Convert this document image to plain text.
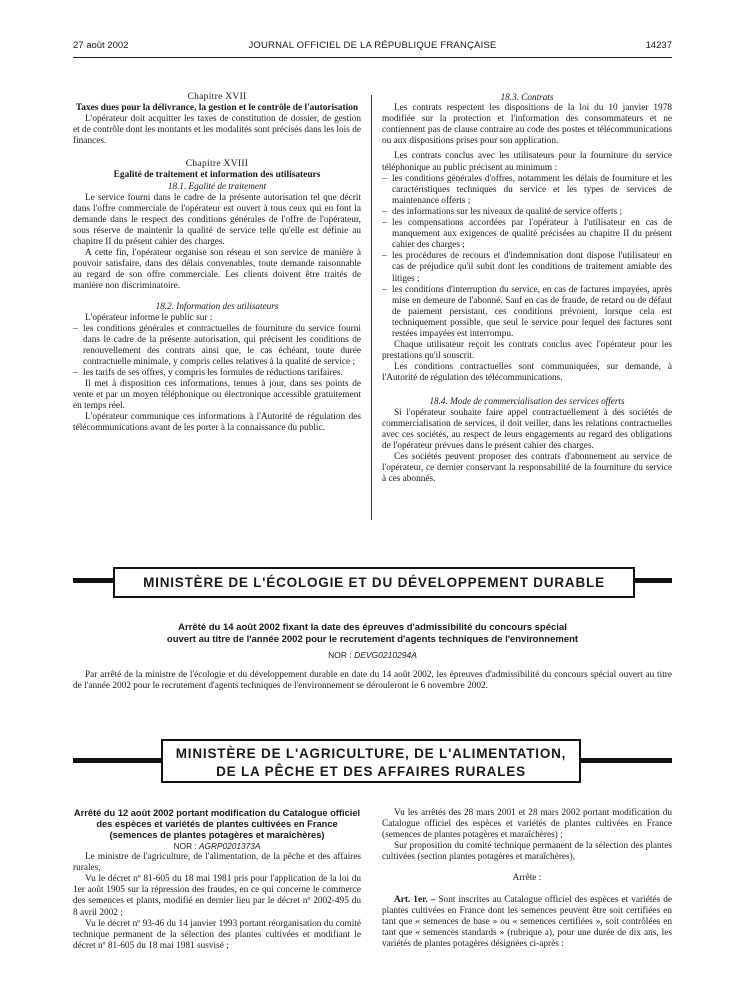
27 août 2002	JOURNAL OFFICIEL DE LA RÉPUBLIQUE FRANÇAISE	14237

Chapitre XVII

Taxes dues pour la délivrance, la gestion et le contrôle de l'autorisation

L'opérateur doit acquitter les taxes de constitution de dossier, de gestion et de contrôle dont les montants et les modalités sont précisés dans les lois de finances.

Chapitre XVIII

Egalité de traitement et information des utilisateurs

18.1. Egalité de traitement

Le service fourni dans le cadre de la présente autorisation tel que décrit dans l'offre commerciale de l'opérateur est ouvert à tous ceux qui en font la demande dans le respect des conditions générales de l'offre de l'opérateur, sous réserve de maintenir la qualité de service telle qu'elle est définie au chapitre II du présent cahier des charges.

A cette fin, l'opérateur organise son réseau et son service de manière à pouvoir satisfaire, dans des délais convenables, toute demande raisonnable au regard de son offre commerciale. Les clients doivent être traités de manière non discriminatoire.

18.2. Information des utilisateurs

L'opérateur informe le public sur :

– les conditions générales et contractuelles de fourniture du service fourni dans le cadre de la présente autorisation, qui précisent les conditions de renouvellement des contrats ainsi que, le cas échéant, toute durée contractuelle minimale, y compris celles relatives à la qualité de service ;
– les tarifs de ses offres, y compris les formules de réductions tarifaires.

Il met à disposition ces informations, tenues à jour, dans ses points de vente et par un moyen téléphonique ou électronique accessible gratuitement en temps réel.

L'opérateur communique ces informations à l'Autorité de régulation des télécommunications avant de les porter à la connaissance du public.

18.3. Contrats

Les contrats respectent les dispositions de la loi du 10 janvier 1978 modifiée sur la protection et l'information des consommateurs et ne contiennent pas de clause contraire au code des postes et télécommunications ou aux dispositions prises pour son application.

Les contrats conclus avec les utilisateurs pour la fourniture du service téléphonique au public précisent au minimum :

– les conditions générales d'offres, notamment les délais de fourniture et les caractéristiques techniques du service et les types de services de maintenance offerts ;
– des informations sur les niveaux de qualité de service offerts ;
– les compensations accordées par l'opérateur à l'utilisateur en cas de manquement aux exigences de qualité précisées au chapitre II du présent cahier des charges ;
– les procédures de recours et d'indemnisation dont dispose l'utilisateur en cas de préjudice qu'il subit dont les conditions de traitement amiable des litiges ;
– les conditions d'interruption du service, en cas de factures impayées, après mise en demeure de l'abonné. Sauf en cas de fraude, de retard ou de défaut de paiement persistant, ces conditions prévoient, lorsque cela est techniquement possible, que seul le service pour lequel des factures sont restées impayées est interrompu.

Chaque utilisateur reçoit les contrats conclus avec l'opérateur pour les prestations qu'il souscrit.

Les conditions contractuelles sont communiquées, sur demande, à l'Autorité de régulation des télécommunications.

18.4. Mode de commercialisation des services offerts

Si l'opérateur souhaite faire appel contractuellement à des sociétés de commercialisation de services, il doit veiller, dans les relations contractuelles avec ces sociétés, au respect de leurs engagements au regard des obligations de l'opérateur prévues dans le présent cahier des charges.

Ces sociétés peuvent proposer des contrats d'abonnement au service de l'opérateur, ce dernier conservant la responsabilité de la fourniture du service à ces abonnés.

MINISTÈRE DE L'ÉCOLOGIE ET DU DÉVELOPPEMENT DURABLE
Arrêté du 14 août 2002 fixant la date des épreuves d'admissibilité du concours spécial
ouvert au titre de l'année 2002 pour le recrutement d'agents techniques de l'environnement
NOR : DEVG0210294A

Par arrêté de la ministre de l'écologie et du développement durable en date du 14 août 2002, les épreuves d'admissibilité du concours spécial ouvert au titre de l'année 2002 pour le recrutement d'agents techniques de l'environnement se dérouleront le 6 novembre 2002.

MINISTÈRE DE L'AGRICULTURE, DE L'ALIMENTATION,
DE LA PÊCHE ET DES AFFAIRES RURALES

Arrêté du 12 août 2002 portant modification du Catalogue officiel des espèces et variétés de plantes cultivées en France (semences de plantes potagères et maraîchères)

NOR : AGRP0201373A

Le ministre de l'agriculture, de l'alimentation, de la pêche et des affaires rurales,

Vu le décret nº 81-605 du 18 mai 1981 pris pour l'application de la loi du 1er août 1905 sur la répression des fraudes, en ce qui concerne le commerce des semences et plants, modifié en dernier lieu par le décret nº 2002-495 du 8 avril 2002 ;

Vu le décret nº 93-46 du 14 janvier 1993 portant réorganisation du comité technique permanent de la sélection des plantes cultivées et modifiant le décret nº 81-605 du 18 mai 1981 susvisé ;

Vu les arrêtés des 28 mars 2001 et 28 mars 2002 portant modification du Catalogue officiel des espèces et variétés de plantes cultivées en France (semences de plantes potagères et maraîchères) ;

Sur proposition du comité technique permanent de la sélection des plantes cultivées (section plantes potagères et maraîchères),

Arrête :

Art. 1er. – Sont inscrites au Catalogue officiel des espèces et variétés de plantes cultivées en France dont les semences peuvent être soit certifiées en tant que « semences de base » ou « semences certifiées », soit contrôlées en tant que « semences standards » (rubrique a), pour une durée de dix ans, les variétés de plantes potagères désignées ci-après :
